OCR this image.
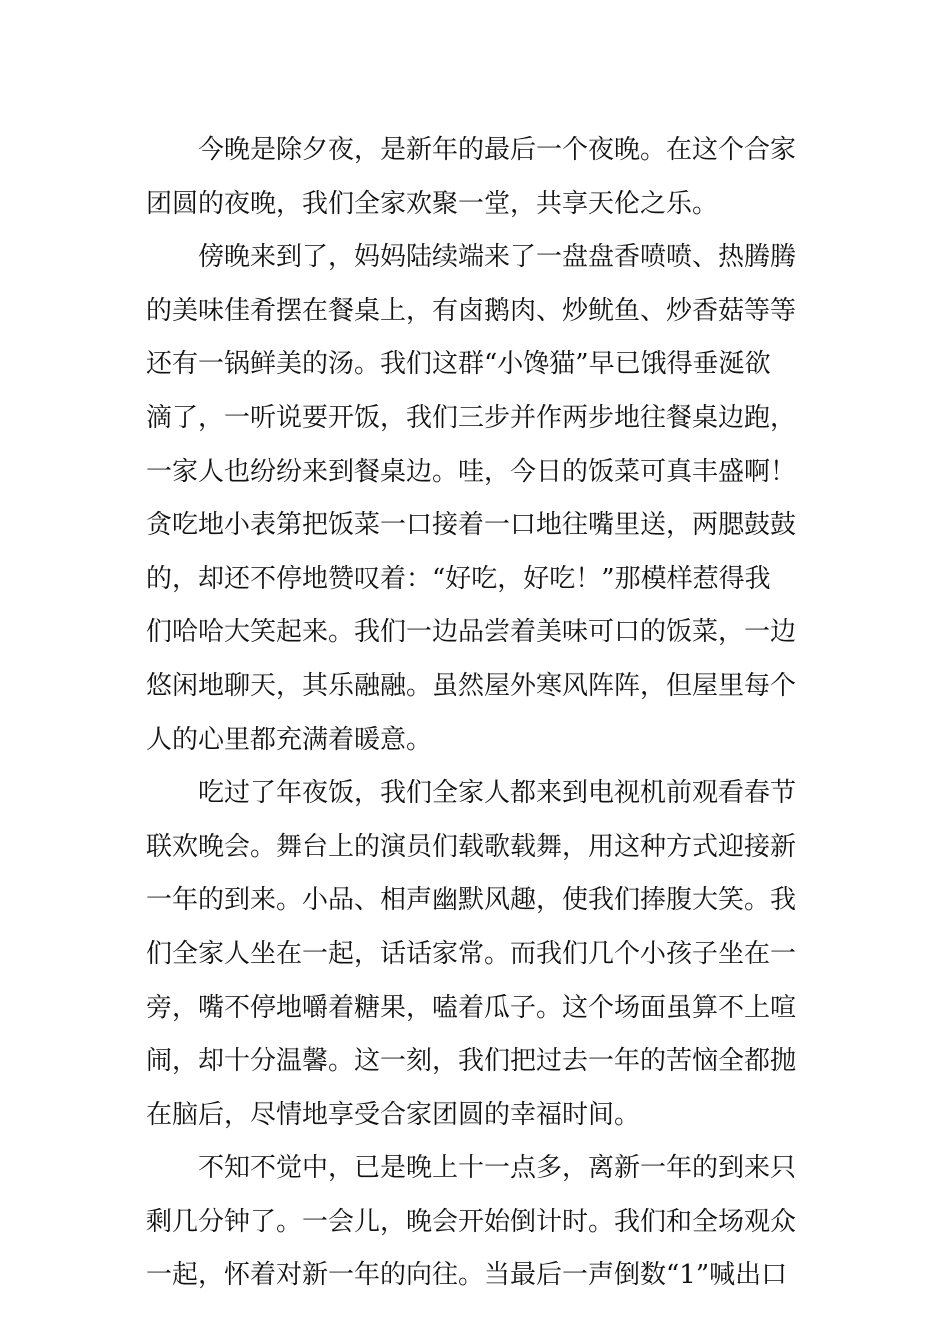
今晚是除夕夜，是新年的最后一个夜晚。在这个合家
团圆的夜晚，我们全家欢聚一堂，共享天伦之乐。
傍晚来到了，妈妈陆续端来了一盘盘香喷喷、热腾腾
的美味佳肴摆在餐桌上，有卤鹅肉、炒鱿鱼、炒香菇等等
还有一锅鲜美的汤。我们这群“小馋猫”早已饿得垂涎欲
滴了，一听说要开饭，我们三步并作两步地往餐桌边跑，
一家人也纷纷来到餐桌边。哇，今日的饭菜可真丰盛啊！
贪吃地小表第把饭菜一口接着一口地往嘴里送，两腮鼓鼓
的，却还不停地赞叹着：“好吃，好吃！”那模样惹得我
们哈哈大笑起来。我们一边品尝着美味可口的饭菜，一边
悠闲地聊天，其乐融融。虽然屋外寒风阵阵，但屋里每个
人的心里都充满着暖意。
吃过了年夜饭，我们全家人都来到电视机前观看春节
联欢晚会。舞台上的演员们载歌载舞，用这种方式迎接新
一年的到来。小品、相声幽默风趣，使我们捧腹大笑。我
们全家人坐在一起，话话家常。而我们几个小孩子坐在一
旁，嘴不停地嚼着糖果，嗑着瓜子。这个场面虽算不上喧
闹，却十分温馨。这一刻，我们把过去一年的苦恼全都抛
在脑后，尽情地享受合家团圆的幸福时间。
不知不觉中，已是晚上十一点多，离新一年的到来只
剩几分钟了。一会儿，晚会开始倒计时。我们和全场观众
一起，怀着对新一年的向往。当最后一声倒数“1”喊出口
